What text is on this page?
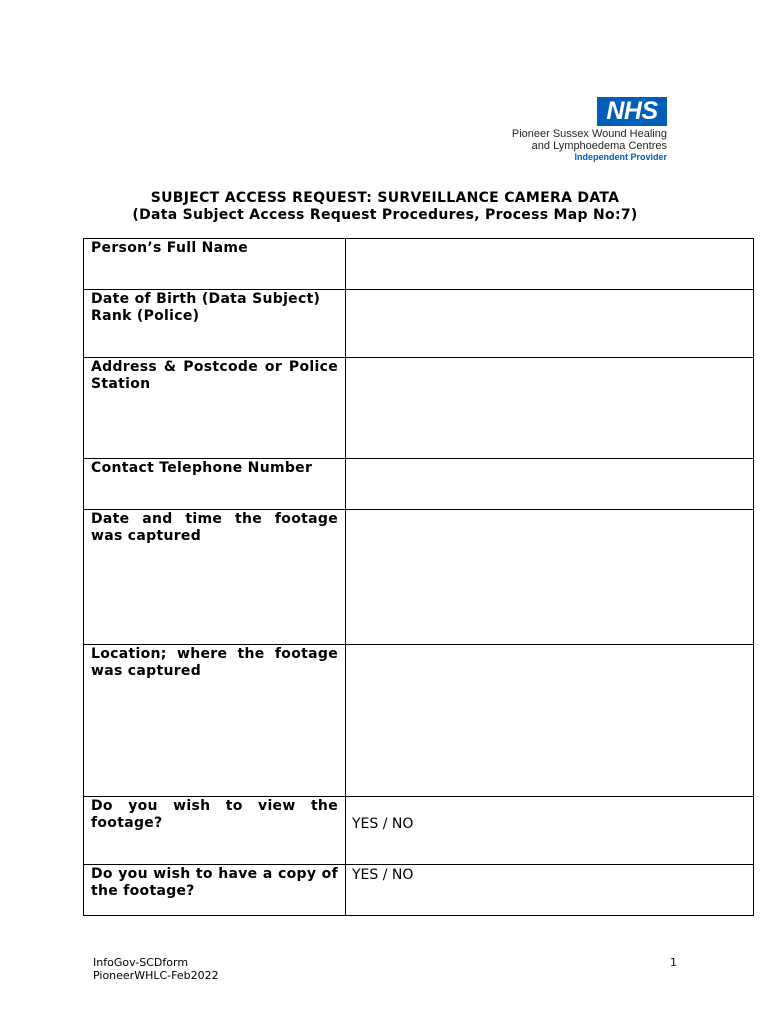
NHS
Pioneer Sussex Wound Healing
and Lymphoedema Centres
Independent Provider
SUBJECT ACCESS REQUEST: SURVEILLANCE CAMERA DATA
(Data Subject Access Request Procedures, Process Map No:7)
Person’s Full Name	

Date of Birth (Data Subject)
Rank (Police)	

Address & Postcode or Police Station	

Contact Telephone Number	

Date and time the footage was captured	

Location; where the footage was captured	

Do you wish to view the footage?	YES / NO

Do you wish to have a copy of the footage?	YES / NO
InfoGov-SCDform
PioneerWHLC-Feb2022
1
